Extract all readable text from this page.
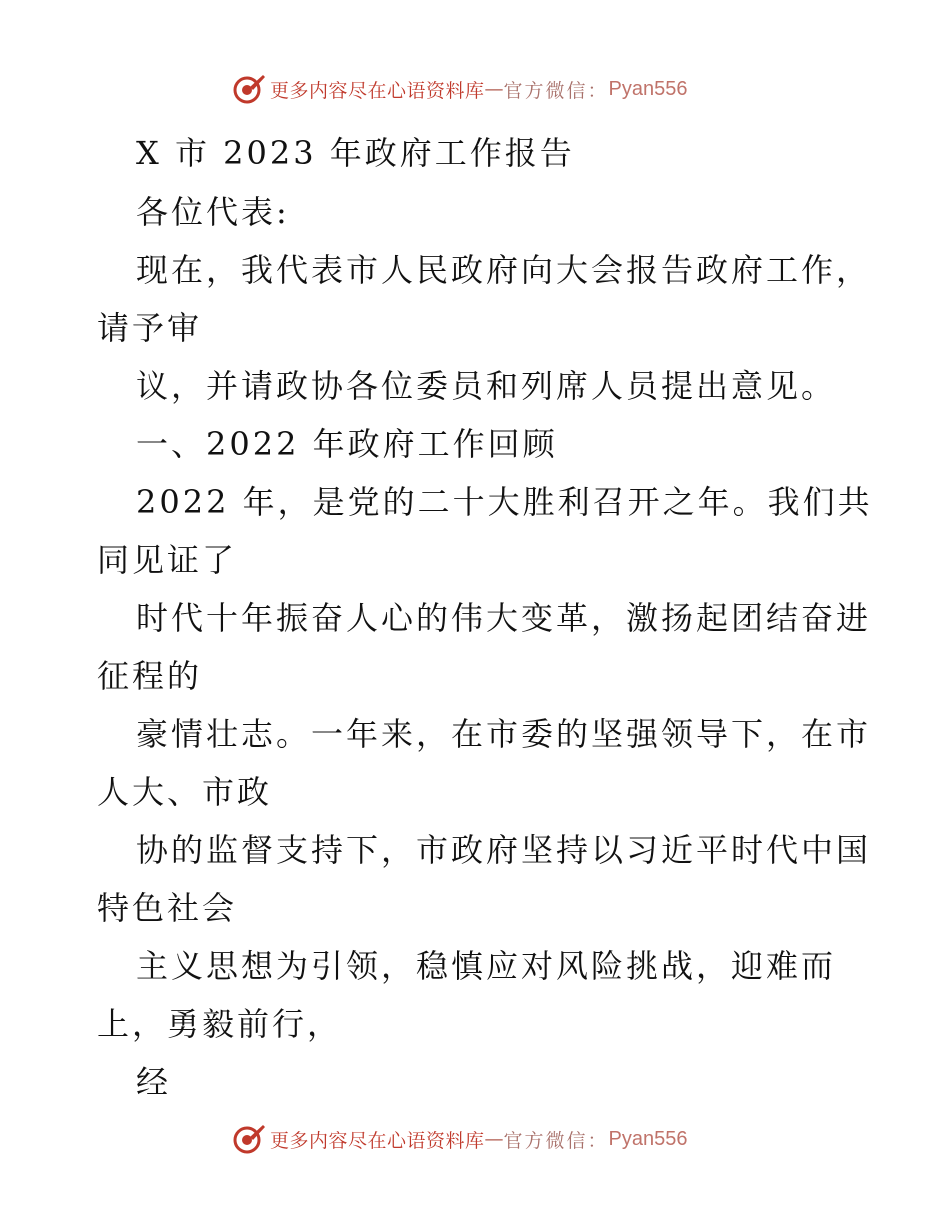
更多内容尽在心语资料库 — 官方微信： Pyan556
X 市 2023 年政府工作报告
各位代表:
现在，我代表市人民政府向大会报告政府工作，
请予审
议，并请政协各位委员和列席人员提出意见。
一、2022 年政府工作回顾
2022 年，是党的二十大胜利召开之年。我们共
同见证了
时代十年振奋人心的伟大变革，激扬起团结奋进
征程的
豪情壮志。一年来，在市委的坚强领导下，在市
人大、市政
协的监督支持下，市政府坚持以习近平时代中国
特色社会
主义思想为引领，稳慎应对风险挑战，迎难而
上，勇毅前行，
经
更多内容尽在心语资料库 — 官方微信： Pyan556
